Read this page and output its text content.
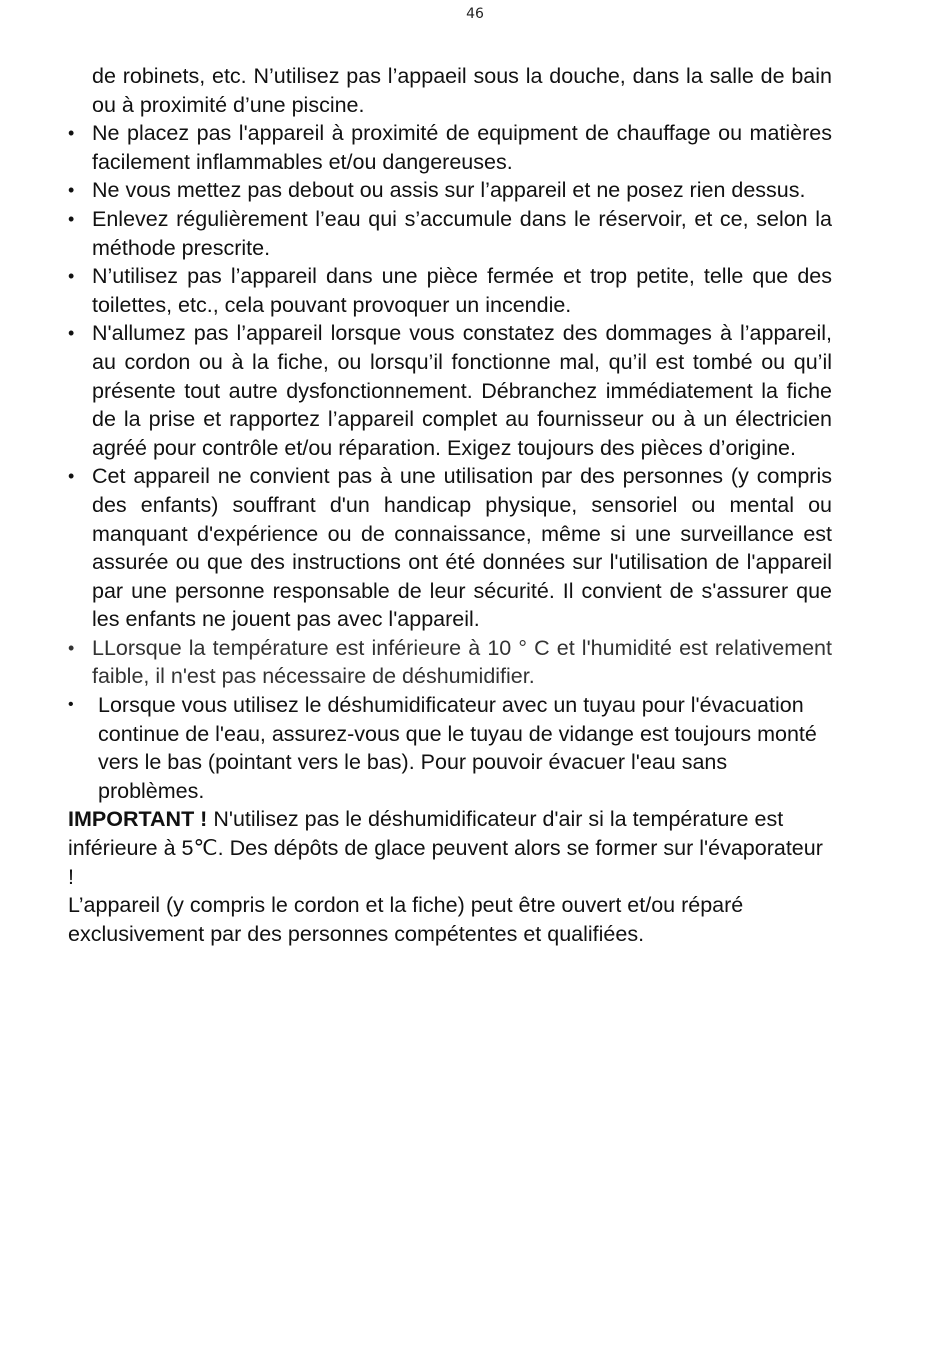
46

de robinets, etc. N’utilisez pas l’appaeil sous la douche, dans la salle de bain ou à proximité d’une piscine.

• Ne placez pas l'appareil à proximité de equipment de chauffage ou matières facilement inflammables et/ou dangereuses.
• Ne vous mettez pas debout ou assis sur l’appareil et ne posez rien dessus.
• Enlevez régulièrement l’eau qui s’accumule dans le réservoir, et ce, selon la méthode prescrite.
• N’utilisez pas l’appareil dans une pièce fermée et trop petite, telle que des toilettes, etc., cela pouvant provoquer un incendie.
• N'allumez pas l’appareil lorsque vous constatez des dommages à l’appareil, au cordon ou à la fiche, ou lorsqu’il fonctionne mal, qu’il est tombé ou qu’il présente tout autre dysfonctionnement. Débranchez immédiatement la fiche de la prise et rapportez l’appareil complet au fournisseur ou à un électricien agréé pour contrôle et/ou réparation. Exigez toujours des pièces d’origine.
• Cet appareil ne convient pas à une utilisation par des personnes (y compris des enfants) souffrant d'un handicap physique, sensoriel ou mental ou manquant d'expérience ou de connaissance, même si une surveillance est assurée ou que des instructions ont été données sur l'utilisation de l'appareil par une personne responsable de leur sécurité. Il convient de s'assurer que les enfants ne jouent pas avec l'appareil.
• LLorsque la température est inférieure à 10 ° C et l'humidité est relativement faible, il n'est pas nécessaire de déshumidifier.
• Lorsque vous utilisez le déshumidificateur avec un tuyau pour l'évacuation continue de l'eau, assurez-vous que le tuyau de vidange est toujours monté vers le bas (pointant vers le bas). Pour pouvoir évacuer l'eau sans problèmes.

IMPORTANT ! N'utilisez pas le déshumidificateur d'air si la température est inférieure à 5℃. Des dépôts de glace peuvent alors se former sur l'évaporateur !

L’appareil (y compris le cordon et la fiche) peut être ouvert et/ou réparé exclusivement par des personnes compétentes et qualifiées.
